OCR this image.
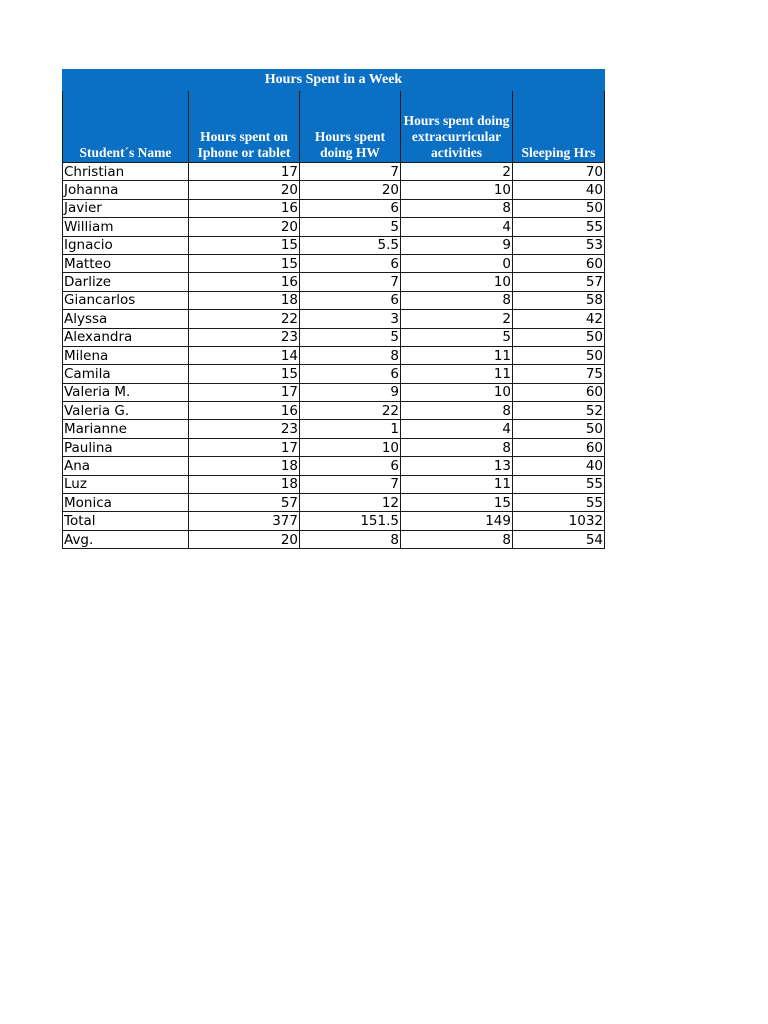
Hours Spent in a Week				
Student´s Name	Hours spent on Iphone or tablet	Hours spent doing HW	Hours spent doing extracurricular activities	Sleeping Hrs
Christian	17	7	2	70
Johanna	20	20	10	40
Javier	16	6	8	50
William	20	5	4	55
Ignacio	15	5.5	9	53
Matteo	15	6	0	60
Darlize	16	7	10	57
Giancarlos	18	6	8	58
Alyssa	22	3	2	42
Alexandra	23	5	5	50
Milena	14	8	11	50
Camila	15	6	11	75
Valeria M.	17	9	10	60
Valeria G.	16	22	8	52
Marianne	23	1	4	50
Paulina	17	10	8	60
Ana	18	6	13	40
Luz	18	7	11	55
Monica	57	12	15	55
Total	377	151.5	149	1032
Avg.	20	8	8	54
